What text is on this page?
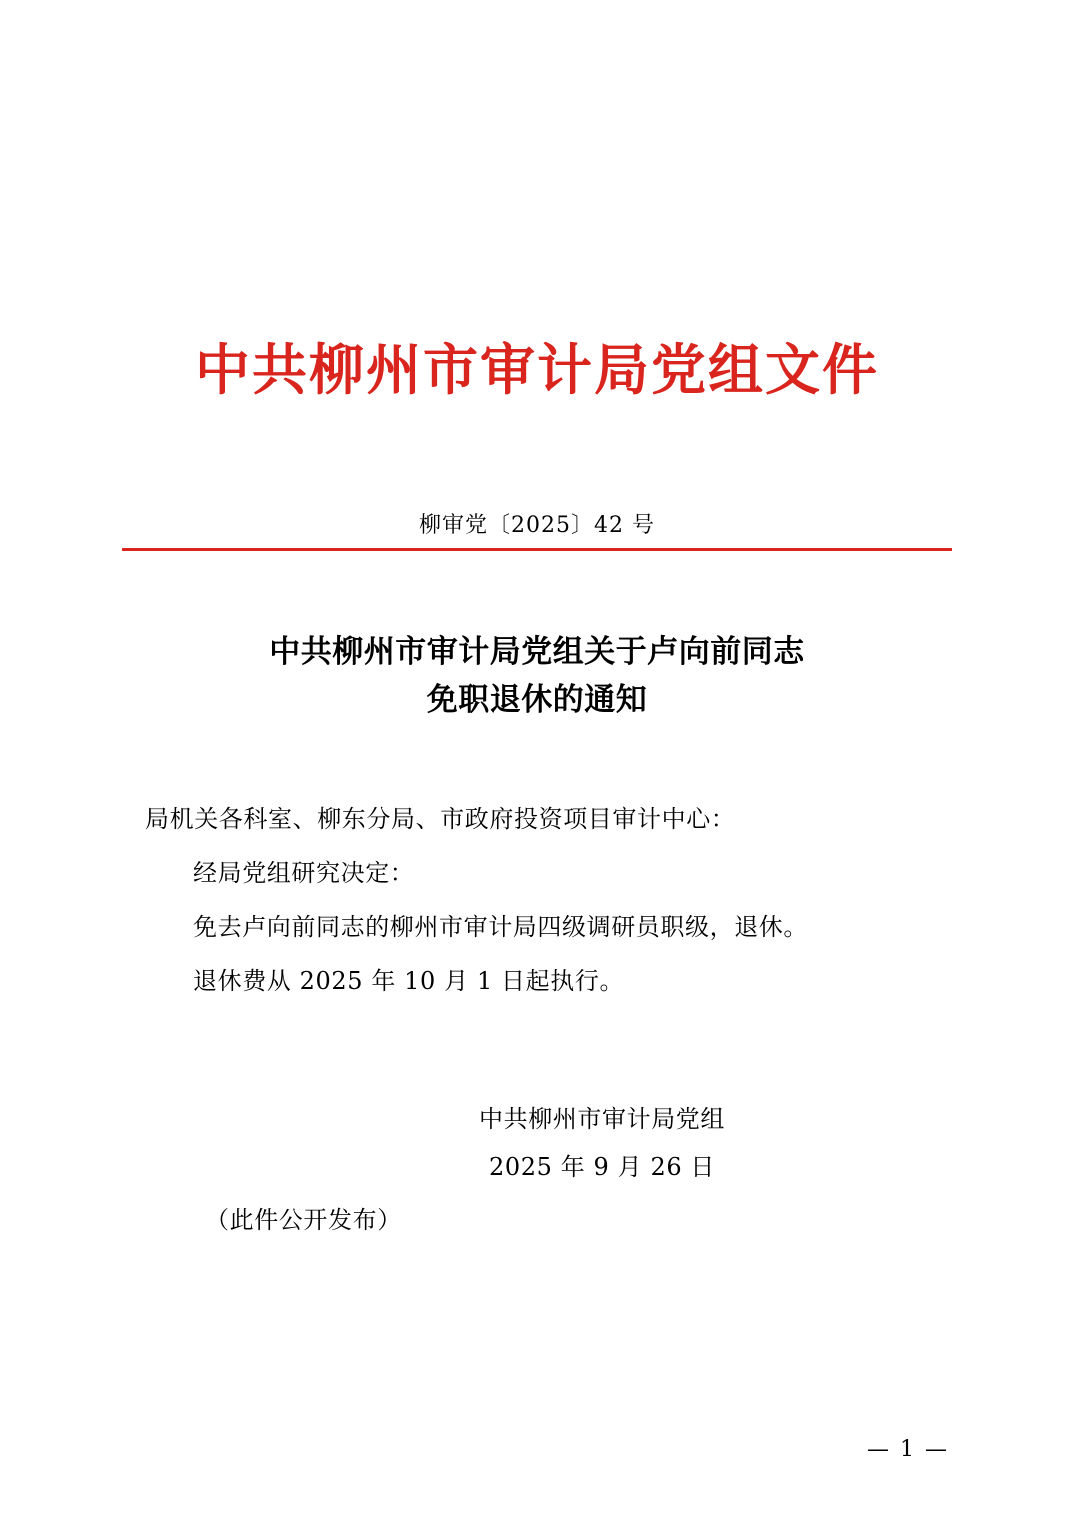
中共柳州市审计局党组文件
柳审党〔2025〕42 号
中共柳州市审计局党组关于卢向前同志
免职退休的通知

局机关各科室、柳东分局、市政府投资项目审计中心：

经局党组研究决定：

免去卢向前同志的柳州市审计局四级调研员职级，退休。

退休费从 2025 年 10 月 1 日起执行。

中共柳州市审计局党组
2025 年 9 月 26 日
（此件公开发布）
— 1 —
